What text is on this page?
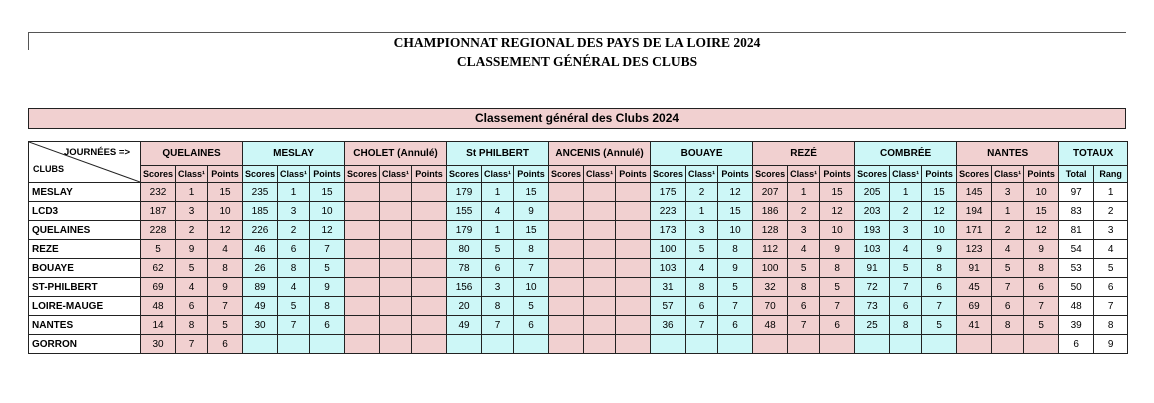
CHAMPIONNAT REGIONAL DES PAYS DE LA LOIRE 2024
CLASSEMENT GÉNÉRAL DES CLUBS
Classement général des Clubs 2024
JOURNÉES =>
CLUBS	QUELAINES			MESLAY			CHOLET (Annulé)			St PHILBERT			ANCENIS (Annulé)			BOUAYE			REZÉ			COMBRÉE			NANTES			TOTAUX	
	Scores	Class¹	Points	Scores	Class¹	Points	Scores	Class¹	Points	Scores	Class¹	Points	Scores	Class¹	Points	Scores	Class¹	Points	Scores	Class¹	Points	Scores	Class¹	Points	Scores	Class¹	Points	Total	Rang
MESLAY	232	1	15	235	1	15				179	1	15				175	2	12	207	1	15	205	1	15	145	3	10	97	1
LCD3	187	3	10	185	3	10				155	4	9				223	1	15	186	2	12	203	2	12	194	1	15	83	2
QUELAINES	228	2	12	226	2	12				179	1	15				173	3	10	128	3	10	193	3	10	171	2	12	81	3
REZE	5	9	4	46	6	7				80	5	8				100	5	8	112	4	9	103	4	9	123	4	9	54	4
BOUAYE	62	5	8	26	8	5				78	6	7				103	4	9	100	5	8	91	5	8	91	5	8	53	5
ST-PHILBERT	69	4	9	89	4	9				156	3	10				31	8	5	32	8	5	72	7	6	45	7	6	50	6
LOIRE-MAUGE	48	6	7	49	5	8				20	8	5				57	6	7	70	6	7	73	6	7	69	6	7	48	7
NANTES	14	8	5	30	7	6				49	7	6				36	7	6	48	7	6	25	8	5	41	8	5	39	8
GORRON	30	7	6																									6	9
